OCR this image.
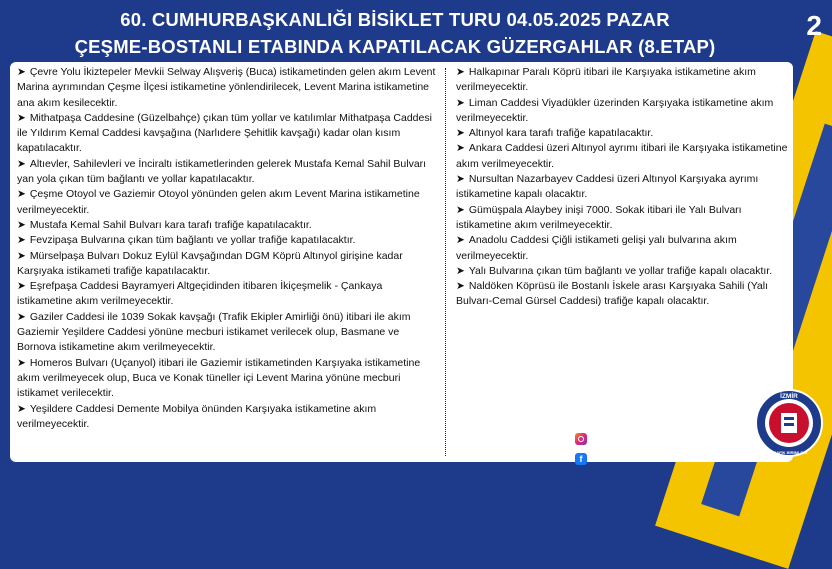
60. CUMHURBAŞKANLIĞI BİSİKLET TURU 04.05.2025 PAZAR
ÇEŞME-BOSTANLI ETABINDA KAPATILACAK GÜZERGAHLAR (8.ETAP)
2
➤ Çevre Yolu İkiztepeler Mevkii Selway Alışveriş (Buca) istikametinden gelen akım Levent Marina ayrımından Çeşme İlçesi istikametine yönlendirilecek, Levent Marina istikametine ana akım kesilecektir.
➤ Mithatpaşa Caddesine (Güzelbahçe) çıkan tüm yollar ve katılımlar Mithatpaşa Caddesi ile Yıldırım Kemal Caddesi kavşağına (Narlıdere Şehitlik kavşağı) kadar olan kısım kapatılacaktır.
➤ Altıevler, Sahilevleri ve İnciraltı istikametlerinden gelerek Mustafa Kemal Sahil Bulvarı yan yola çıkan tüm bağlantı ve yollar kapatılacaktır.
➤ Çeşme Otoyol ve Gaziemir Otoyol yönünden gelen akım Levent Marina istikametine verilmeyecektir.
➤ Mustafa Kemal Sahil Bulvarı kara tarafı trafiğe kapatılacaktır.
➤ Fevzipaşa Bulvarına çıkan tüm bağlantı ve yollar trafiğe kapatılacaktır.
➤ Mürselpaşa Bulvarı Dokuz Eylül Kavşağından DGM Köprü Altınyol girişine kadar Karşıyaka istikameti trafiğe kapatılacaktır.
➤ Eşrefpaşa Caddesi Bayramyeri Altgeçidinden itibaren İkiçeşmelik - Çankaya istikametine akım verilmeyecektir.
➤ Gaziler Caddesi ile 1039 Sokak kavşağı (Trafik Ekipler Amirliği önü) itibari ile akım Gaziemir Yeşildere Caddesi yönüne mecburi istikamet verilecek olup, Basmane ve Bornova istikametine akım verilmeyecektir.
➤ Homeros Bulvarı (Uçanyol) itibari ile Gaziemir istikametinden Karşıyaka istikametine akım verilmeyecek olup, Buca ve Konak tüneller içi Levent Marina yönüne mecburi istikamet verilecektir.
➤ Yeşildere Caddesi Demente Mobilya önünden Karşıyaka istikametine akım verilmeyecektir.
➤ Halkapınar Paralı Köprü itibari ile Karşıyaka istikametine akım verilmeyecektir.
➤ Liman Caddesi Viyadükler üzerinden Karşıyaka istikametine akım verilmeyecektir.
➤ Altınyol kara tarafı trafiğe kapatılacaktır.
➤ Ankara Caddesi üzeri Altınyol ayrımı itibari ile Karşıyaka istikametine akım verilmeyecektir.
➤ Nursultan Nazarbayev Caddesi üzeri Altınyol Karşıyaka ayrımı istikametine kapalı olacaktır.
➤ Gümüşpala Alaybey inişi 7000. Sokak itibari ile Yalı Bulvarı istikametine akım verilmeyecektir.
➤ Anadolu Caddesi Çiğli istikameti gelişi yalı bulvarına akım verilmeyecektir.
➤ Yalı Bulvarına çıkan tüm bağlantı ve yollar trafiğe kapalı olacaktır.
➤ Naldöken Köprüsü ile Bostanlı İskele arası Karşıyaka Sahili (Yalı Bulvarı-Cemal Gürsel Caddesi) trafiğe kapalı olacaktır.
@emniyetizmir_trafik
f İzmir Trafik Birimleri
İZMİR
TRAFİK BİRİMLERİ
